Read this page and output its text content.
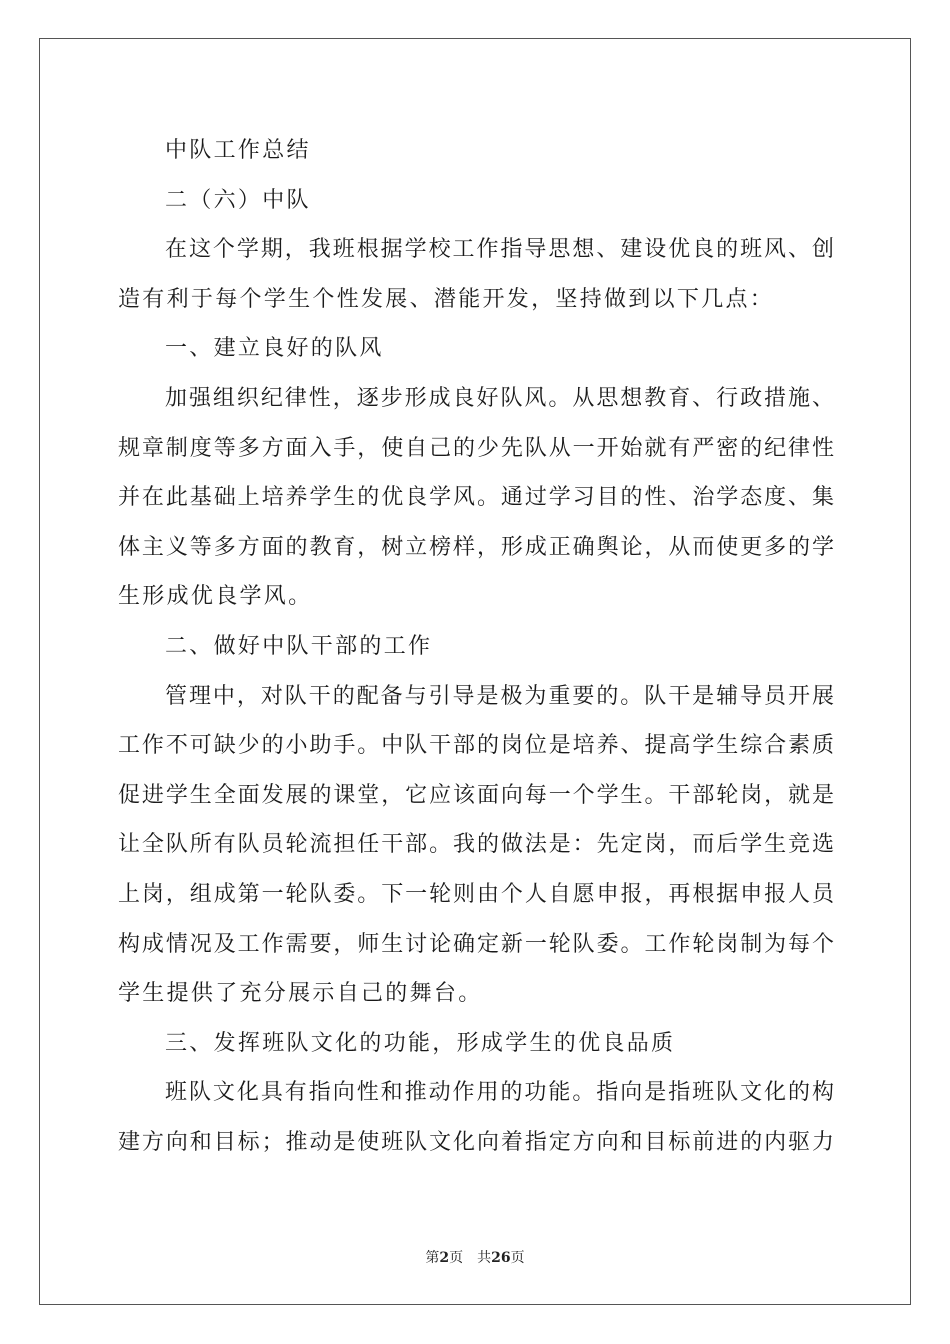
中队工作总结
二（六）中队
在这个学期，我班根据学校工作指导思想、建设优良的班风、创
造有利于每个学生个性发展、潜能开发，坚持做到以下几点：
一、建立良好的队风
加强组织纪律性，逐步形成良好队风。从思想教育、行政措施、
规章制度等多方面入手，使自己的少先队从一开始就有严密的纪律性
并在此基础上培养学生的优良学风。通过学习目的性、治学态度、集
体主义等多方面的教育，树立榜样，形成正确舆论，从而使更多的学
生形成优良学风。
二、做好中队干部的工作
管理中，对队干的配备与引导是极为重要的。队干是辅导员开展
工作不可缺少的小助手。中队干部的岗位是培养、提高学生综合素质
促进学生全面发展的课堂，它应该面向每一个学生。干部轮岗，就是
让全队所有队员轮流担任干部。我的做法是：先定岗，而后学生竞选
上岗，组成第一轮队委。下一轮则由个人自愿申报，再根据申报人员
构成情况及工作需要，师生讨论确定新一轮队委。工作轮岗制为每个
学生提供了充分展示自己的舞台。
三、发挥班队文化的功能，形成学生的优良品质
班队文化具有指向性和推动作用的功能。指向是指班队文化的构
建方向和目标；推动是使班队文化向着指定方向和目标前进的内驱力
第2页 共26页
